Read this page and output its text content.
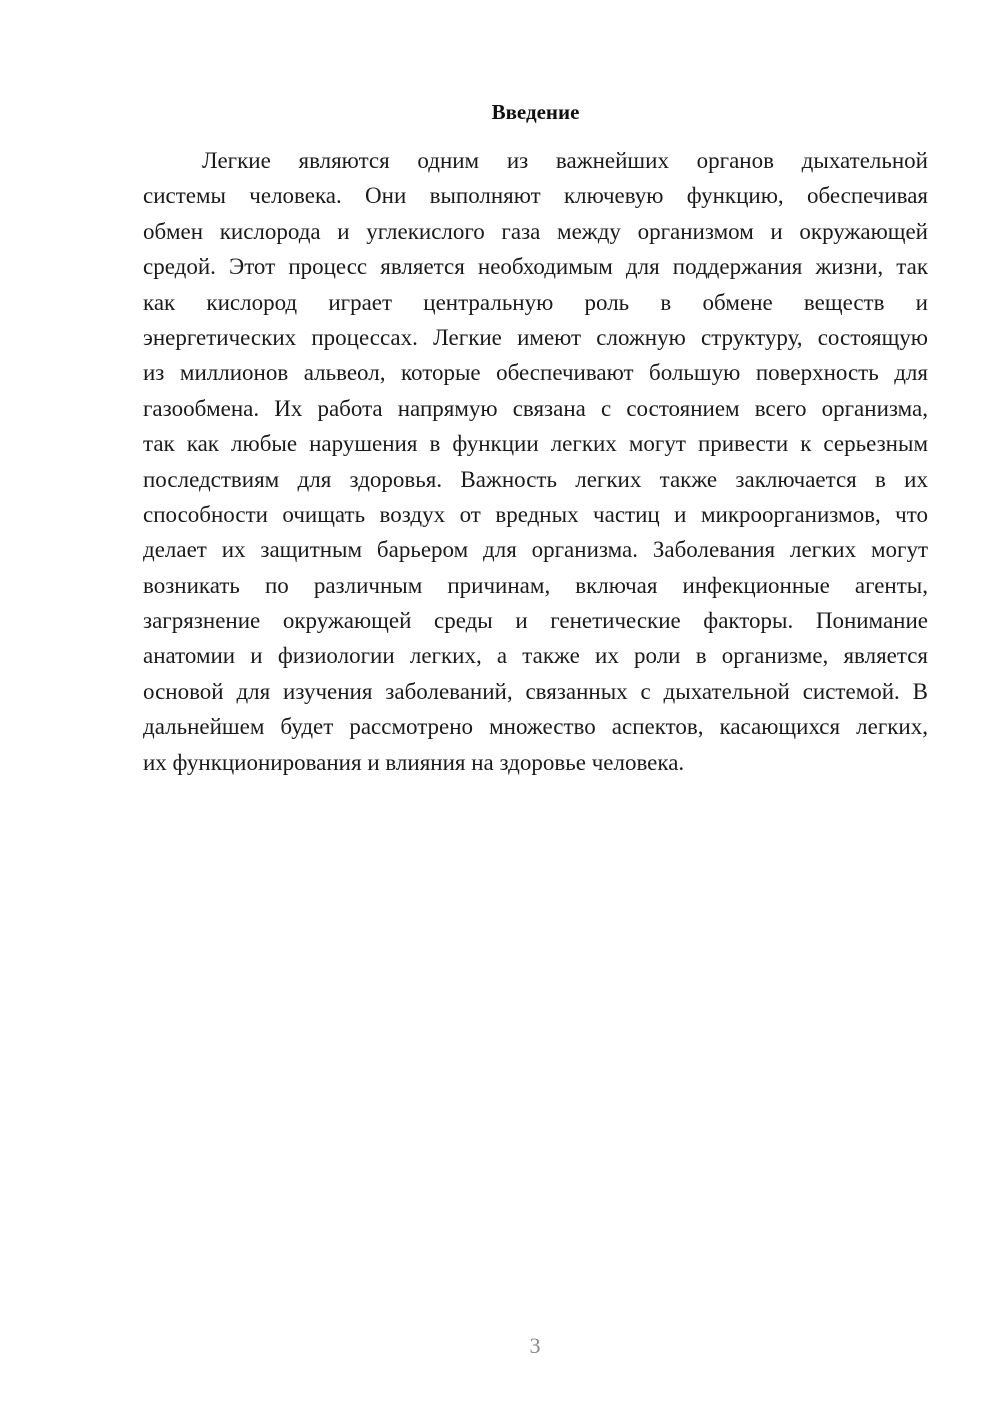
Введение
Легкие являются одним из важнейших органов дыхательной
системы человека. Они выполняют ключевую функцию, обеспечивая
обмен кислорода и углекислого газа между организмом и окружающей
средой. Этот процесс является необходимым для поддержания жизни, так
как кислород играет центральную роль в обмене веществ и
энергетических процессах. Легкие имеют сложную структуру, состоящую
из миллионов альвеол, которые обеспечивают большую поверхность для
газообмена. Их работа напрямую связана с состоянием всего организма,
так как любые нарушения в функции легких могут привести к серьезным
последствиям для здоровья. Важность легких также заключается в их
способности очищать воздух от вредных частиц и микроорганизмов, что
делает их защитным барьером для организма. Заболевания легких могут
возникать по различным причинам, включая инфекционные агенты,
загрязнение окружающей среды и генетические факторы. Понимание
анатомии и физиологии легких, а также их роли в организме, является
основой для изучения заболеваний, связанных с дыхательной системой. В
дальнейшем будет рассмотрено множество аспектов, касающихся легких,
их функционирования и влияния на здоровье человека.
3
